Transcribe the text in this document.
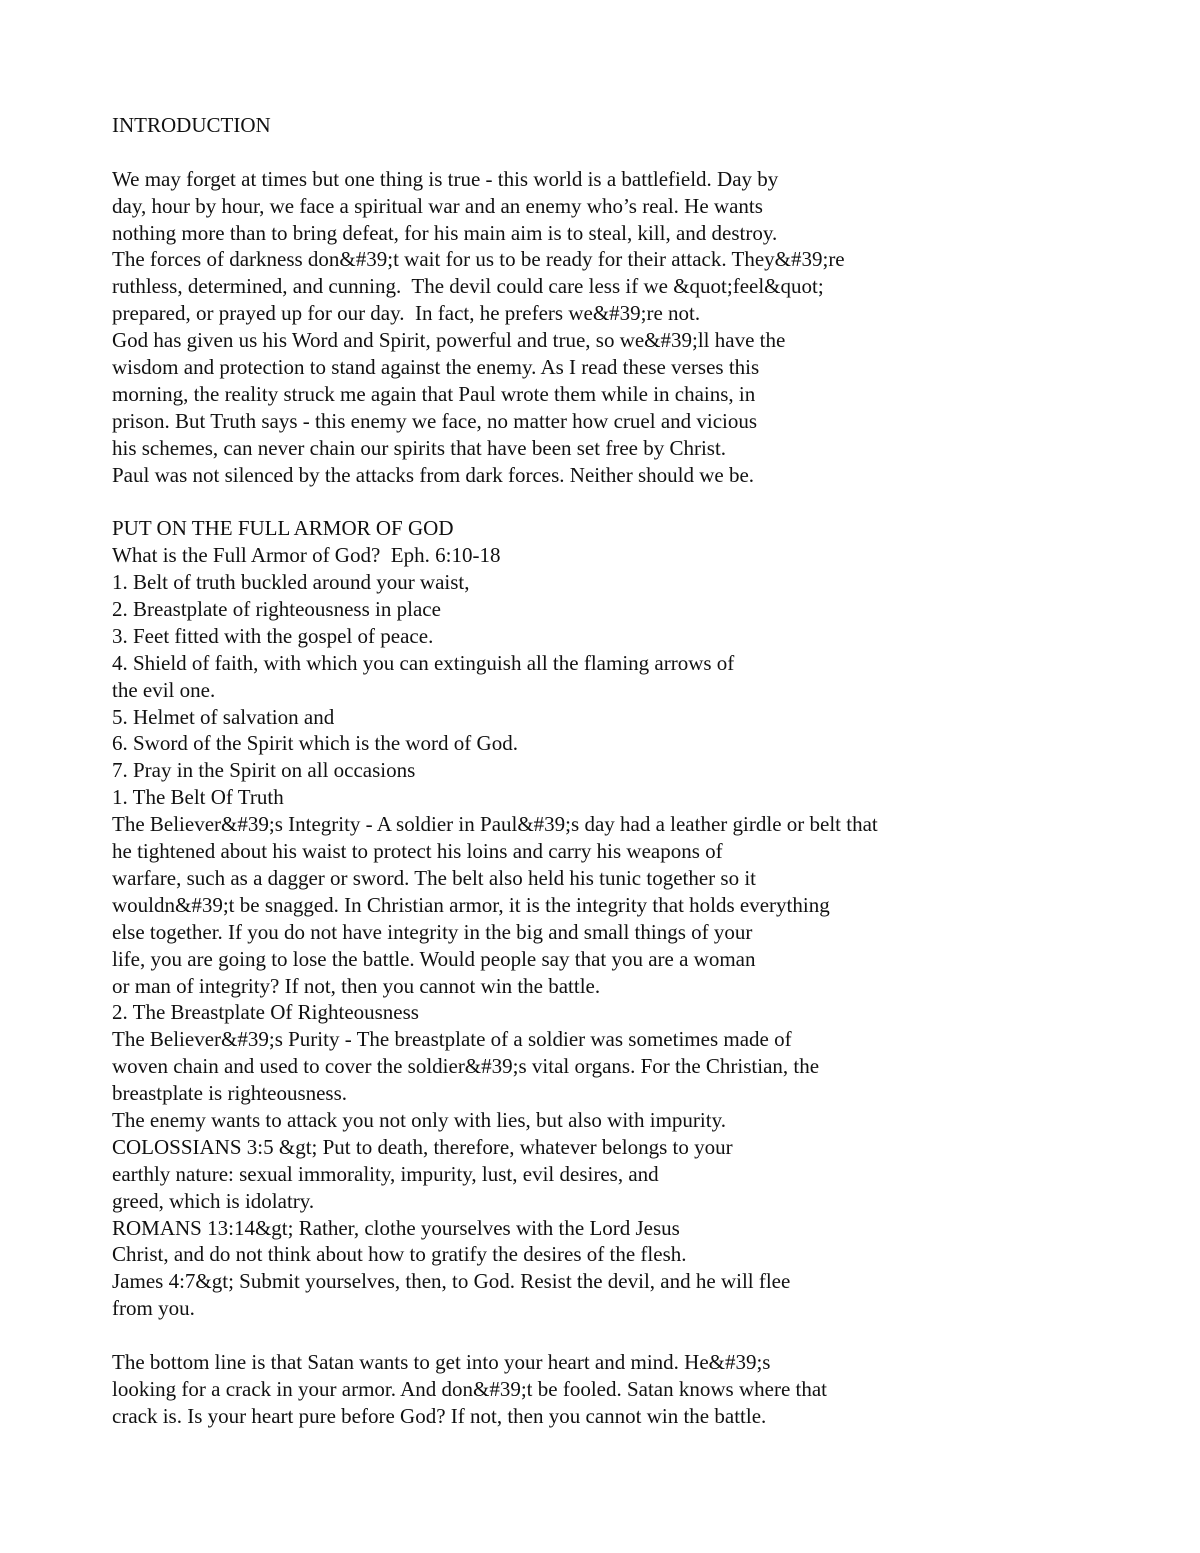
INTRODUCTION
We may forget at times but one thing is true - this world is a battlefield. Day by
day, hour by hour, we face a spiritual war and an enemy who’s real. He wants
nothing more than to bring defeat, for his main aim is to steal, kill, and destroy.
The forces of darkness don&#39;t wait for us to be ready for their attack. They&#39;re
ruthless, determined, and cunning.  The devil could care less if we &quot;feel&quot;
prepared, or prayed up for our day.  In fact, he prefers we&#39;re not.
God has given us his Word and Spirit, powerful and true, so we&#39;ll have the
wisdom and protection to stand against the enemy. As I read these verses this
morning, the reality struck me again that Paul wrote them while in chains, in
prison. But Truth says - this enemy we face, no matter how cruel and vicious
his schemes, can never chain our spirits that have been set free by Christ.
Paul was not silenced by the attacks from dark forces. Neither should we be.
PUT ON THE FULL ARMOR OF GOD
What is the Full Armor of God?  Eph. 6:10-18
1. Belt of truth buckled around your waist,
2. Breastplate of righteousness in place
3. Feet fitted with the gospel of peace.
4. Shield of faith, with which you can extinguish all the flaming arrows of
the evil one.
5. Helmet of salvation and
6. Sword of the Spirit which is the word of God.
7. Pray in the Spirit on all occasions
1. The Belt Of Truth
The Believer&#39;s Integrity - A soldier in Paul&#39;s day had a leather girdle or belt that
he tightened about his waist to protect his loins and carry his weapons of
warfare, such as a dagger or sword. The belt also held his tunic together so it
wouldn&#39;t be snagged. In Christian armor, it is the integrity that holds everything
else together. If you do not have integrity in the big and small things of your
life, you are going to lose the battle. Would people say that you are a woman
or man of integrity? If not, then you cannot win the battle.
2. The Breastplate Of Righteousness
The Believer&#39;s Purity - The breastplate of a soldier was sometimes made of
woven chain and used to cover the soldier&#39;s vital organs. For the Christian, the
breastplate is righteousness.
The enemy wants to attack you not only with lies, but also with impurity.
COLOSSIANS 3:5 &gt; Put to death, therefore, whatever belongs to your
earthly nature: sexual immorality, impurity, lust, evil desires, and
greed, which is idolatry.
ROMANS 13:14&gt; Rather, clothe yourselves with the Lord Jesus
Christ, and do not think about how to gratify the desires of the flesh.
James 4:7&gt; Submit yourselves, then, to God. Resist the devil, and he will flee
from you.
The bottom line is that Satan wants to get into your heart and mind. He&#39;s
looking for a crack in your armor. And don&#39;t be fooled. Satan knows where that
crack is. Is your heart pure before God? If not, then you cannot win the battle.
